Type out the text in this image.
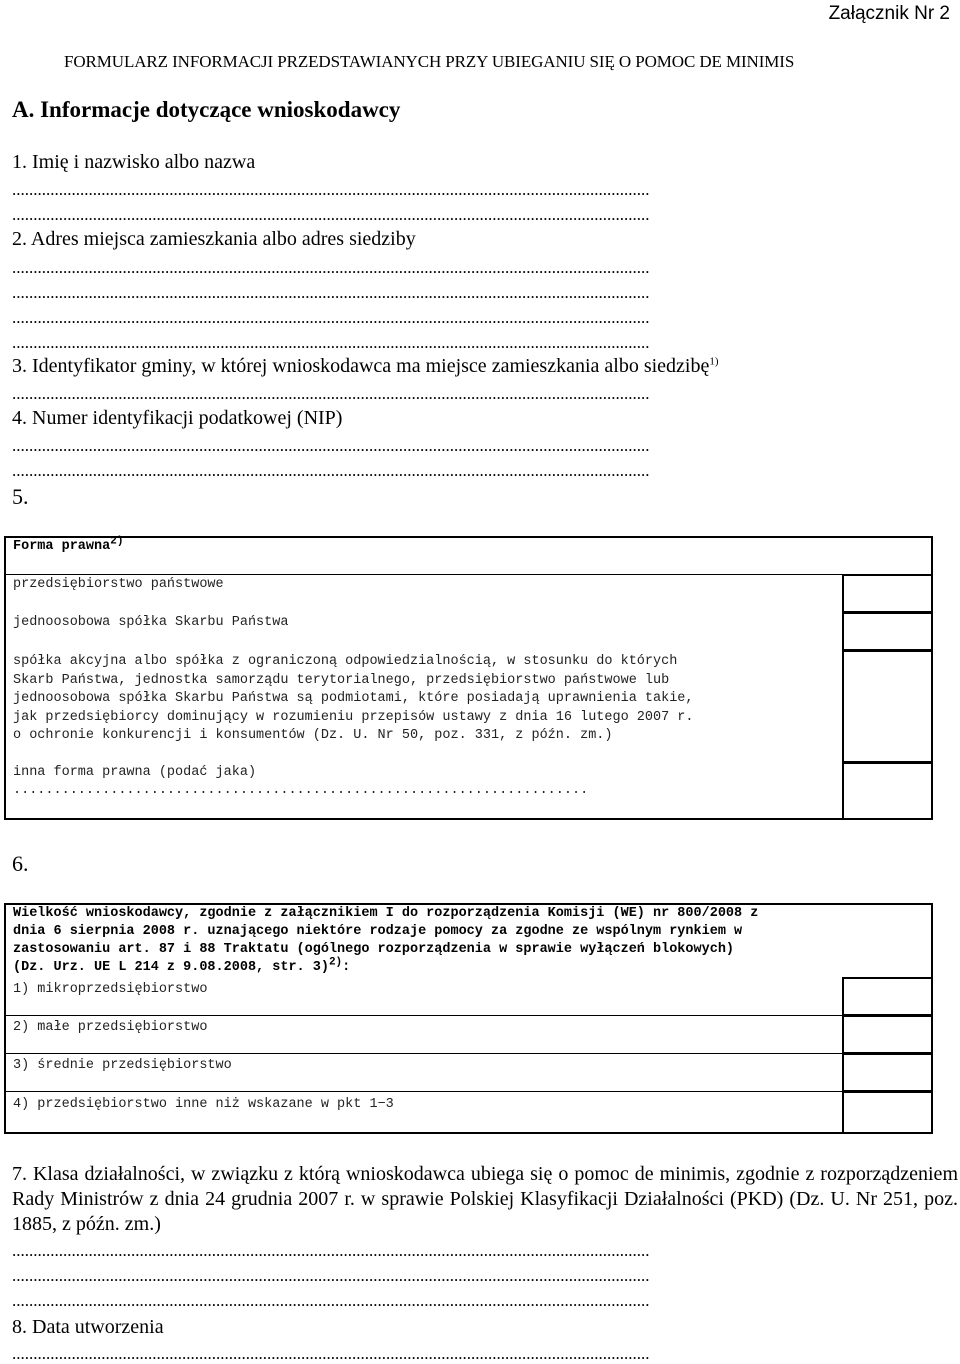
Załącznik Nr 2
FORMULARZ INFORMACJI PRZEDSTAWIANYCH PRZY UBIEGANIU SIĘ O POMOC DE MINIMIS
A. Informacje dotyczące wnioskodawcy
1. Imię i nazwisko albo nazwa
......................................................................................................................................................
......................................................................................................................................................
2. Adres miejsca zamieszkania albo adres siedziby
......................................................................................................................................................
......................................................................................................................................................
......................................................................................................................................................
......................................................................................................................................................
3. Identyfikator gminy, w której wnioskodawca ma miejsce zamieszkania albo siedzibę$^{1)}$
......................................................................................................................................................
4. Numer identyfikacji podatkowej (NIP)
......................................................................................................................................................
......................................................................................................................................................
5.
Forma prawna$^{2)}$
przedsiębiorstwo państwowe
jednoosobowa spółka Skarbu Państwa
spółka akcyjna albo spółka z ograniczoną odpowiedzialnością, w stosunku do których
Skarb Państwa, jednostka samorządu terytorialnego, przedsiębiorstwo państwowe lub
jednoosobowa spółka Skarbu Państwa są podmiotami, które posiadają uprawnienia takie,
jak przedsiębiorcy dominujący w rozumieniu przepisów ustawy z dnia 16 lutego 2007 r.
o ochronie konkurencji i konsumentów (Dz. U. Nr 50, poz. 331, z późn. zm.)
inna forma prawna (podać jaka)
.......................................................................
6.
Wielkość wnioskodawcy, zgodnie z załącznikiem I do rozporządzenia Komisji (WE) nr 800/2008 z
dnia 6 sierpnia 2008 r. uznającego niektóre rodzaje pomocy za zgodne ze wspólnym rynkiem w
zastosowaniu art. 87 i 88 Traktatu (ogólnego rozporządzenia w sprawie wyłączeń blokowych)
(Dz. Urz. UE L 214 z 9.08.2008, str. 3)$^{2)}$:
1) mikroprzedsiębiorstwo
2) małe przedsiębiorstwo
3) średnie przedsiębiorstwo
4) przedsiębiorstwo inne niż wskazane w pkt 1−3
7. Klasa działalności, w związku z którą wnioskodawca ubiega się o pomoc de minimis, zgodnie z rozporządzeniem Rady Ministrów z dnia 24 grudnia 2007 r. w sprawie Polskiej Klasyfikacji Działalności (PKD) (Dz. U. Nr 251, poz. 1885, z późn. zm.)
......................................................................................................................................................
......................................................................................................................................................
......................................................................................................................................................
8. Data utworzenia
......................................................................................................................................................
